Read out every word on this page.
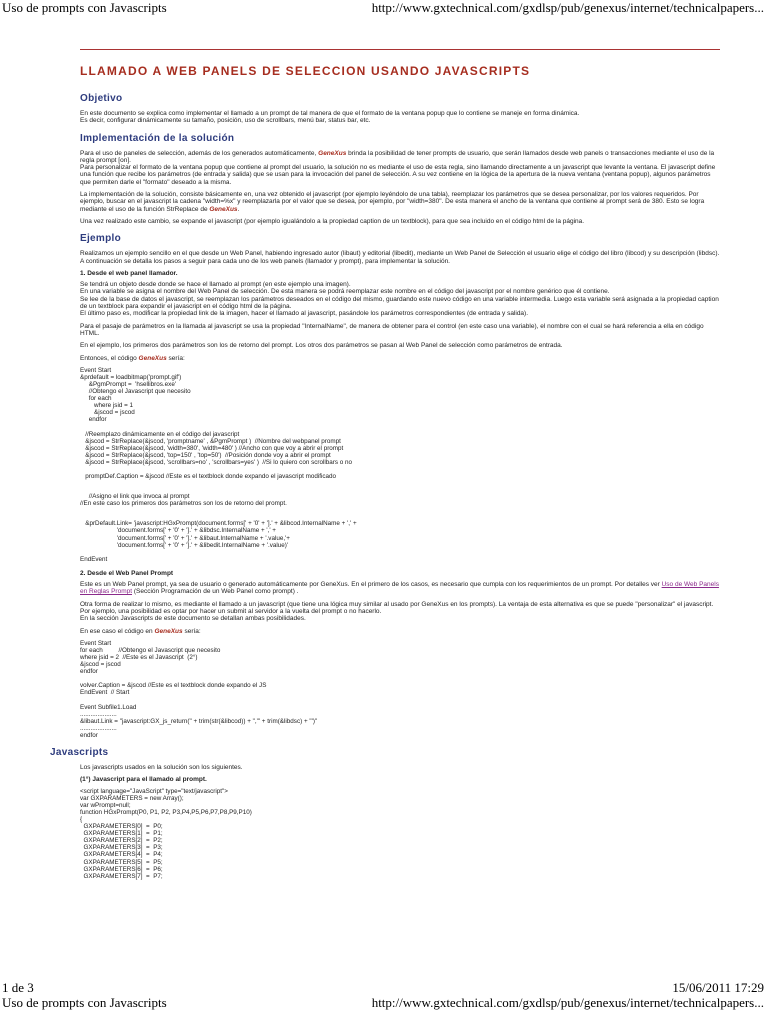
Uso de prompts con Javascripts	http://www.gxtechnical.com/gxdlsp/pub/genexus/internet/technicalpapers...
LLAMADO A WEB PANELS DE SELECCION USANDO JAVASCRIPTS
Objetivo

En este documento se explica como implementar el llamado a un prompt de tal manera de que el formato de la ventana popup que lo contiene se maneje en forma dinámica.
Es decir, configurar dinámicamente su tamaño, posición, uso de scrollbars, menú bar, status bar, etc.

Implementación de la solución

Para el uso de paneles de selección, además de los generados automáticamente, GeneXus brinda la posibilidad de tener prompts de usuario, que serán llamados desde web panels o transacciones mediante el uso de la regla prompt [on].
Para personalizar el formato de la ventana popup que contiene al prompt del usuario, la solución no es mediante el uso de esta regla, sino llamando directamente a un javascript que levante la ventana. El javascript define una función que recibe los parámetros (de entrada y salida) que se usan para la invocación del panel de selección. A su vez contiene en la lógica de la apertura de la nueva ventana (ventana popup), algunos parámetros que permiten darle el "formato" deseado a la misma.

La implementación de la solución, consiste básicamente en, una vez obtenido el javascript (por ejemplo leyéndolo de una tabla), reemplazar los parámetros que se desea personalizar, por los valores requeridos. Por ejemplo, buscar en el javascript la cadena "width=%x" y reemplazarla por el valor que se desea, por ejemplo, por "width=380". De esta manera el ancho de la ventana que contiene al prompt será de 380. Esto se logra mediante el uso de la función StrReplace de GeneXus.

Una vez realizado este cambio, se expande el javascript (por ejemplo igualándolo a la propiedad caption de un textblock), para que sea incluido en el código html de la página.

Ejemplo

Realizamos un ejemplo sencillo en el que desde un Web Panel, habiendo ingresado autor (libaut) y editorial (libedit), mediante un Web Panel de Selección el usuario elige el código del libro (libcod) y su descripción (libdsc).
A continuación se detalla los pasos a seguir para cada uno de los web panels (llamador y prompt), para implementar la solución.

1. Desde el web panel llamador.

Se tendrá un objeto desde donde se hace el llamado al prompt (en este ejemplo una imagen).
En una variable se asigna el nombre del Web Panel de selección. De esta manera se podrá reemplazar este nombre en el código del javascript por el nombre genérico que él contiene.
Se lee de la base de datos el javascript, se reemplazan los parámetros deseados en el código del mismo, guardando este nuevo código en una variable intermedia. Luego esta variable será asignada a la propiedad caption de un textblock para expandir el javascript en el código html de la página.
El último paso es, modificar la propiedad link de la imagen, hacer el llamado al javascript, pasándole los parámetros correspondientes (de entrada y salida).

Para el pasaje de parámetros en la llamada al javascript se usa la propiedad "InternalName", de manera de obtener para el control (en este caso una variable), el nombre con el cual se hará referencia a ella en código HTML.

En el ejemplo, los primeros dos parámetros son los de retorno del prompt. Los otros dos parámetros se pasan al Web Panel de selección como parámetros de entrada.

Entonces, el código GeneXus sería:

Event Start
&prdefault = loadbitmap('prompt.gif')
&PgmPrompt =  'hsellibros.exe'
//Obtengo el Javascript que necesito
for each
where jsid = 1
&jscod = jscod
endfor
//Reemplazo dinámicamente en el código del javascript
&jscod = StrReplace(&jscod, 'promptname' , &PgmPrompt )  //Nombre del webpanel prompt
&jscod = StrReplace(&jscod, 'width=380', 'width=480' ) //Ancho con que voy a abrir el prompt
&jscod = StrReplace(&jscod, 'top=150' , 'top=50')  //Posición donde voy a abrir el prompt
&jscod = StrReplace(&jscod, 'scrollbars=no' , 'scrollbars=yes' )  //Si lo quiero con scrollbars o no
promptDef.Caption = &jscod //Este es el textblock donde expando el javascript modificado
//Asigno el link que invoca al prompt
//En este caso los primeros dos parámetros son los de retorno del prompt.
&prDefault.Link= 'javascript:HGxPrompt(document.forms[' + '0' + '].' + &libcod.InternalName + ',' +
'document.forms[' + '0' + '].' + &libdsc.InternalName + ',' +
'document.forms[' + '0' + '].' + &libaut.InternalName + '.value,'+
'document.forms[' + '0' + '].' + &libedit.InternalName + '.value)'
EndEvent

2. Desde el Web Panel Prompt

Este es un Web Panel prompt, ya sea de usuario o generado automáticamente por GeneXus. En el primero de los casos, es necesario que cumpla con los requerimientos de un prompt. Por detalles ver Uso de Web Panels en Reglas Prompt (Sección Programación de un Web Panel como prompt) .

Otra forma de realizar lo mismo, es mediante el llamado a un javascript (que tiene una lógica muy similar al usado por GeneXus en los prompts). La ventaja de esta alternativa es que se puede "personalizar" el javascript. Por ejemplo, una posibilidad es optar por hacer un submit al servidor a la vuelta del prompt o no hacerlo.
En la sección Javascripts de este documento se detallan ambas posibilidades.

En ese caso el código en GeneXus sería:

Event Start
for each         //Obtengo el Javascript que necesito
where jsid = 2  //Este es el Javascript  (2°)
&jscod = jscod
endfor
volver.Caption = &jscod //Este es el textblock donde expando el JS
EndEvent  // Start
Event Subfile1.Load
.....................
&libaut.Link = "javascript:GX_js_return(" + trim(str(&libcod)) + ",'" + trim(&libdsc) + "')"
.....................
endfor
Javascripts

Los javascripts usados en la solución son los siguientes.

(1°) Javascript para el llamado al prompt.

<script language="JavaScript" type="text/javascript">
var GXPARAMETERS = new Array();
var wPrompt=null;
function HGxPrompt(P0, P1, P2, P3,P4,P5,P6,P7,P8,P9,P10)
{
GXPARAMETERS[0]  =  P0;
GXPARAMETERS[1]  =  P1;
GXPARAMETERS[2]  =  P2;
GXPARAMETERS[3]  =  P3;
GXPARAMETERS[4]  =  P4;
GXPARAMETERS[5]  =  P5;
GXPARAMETERS[6]  =  P6;
GXPARAMETERS[7]  =  P7;
1 de 3	15/06/2011 17:29
Uso de prompts con Javascripts	http://www.gxtechnical.com/gxdlsp/pub/genexus/internet/technicalpapers...
